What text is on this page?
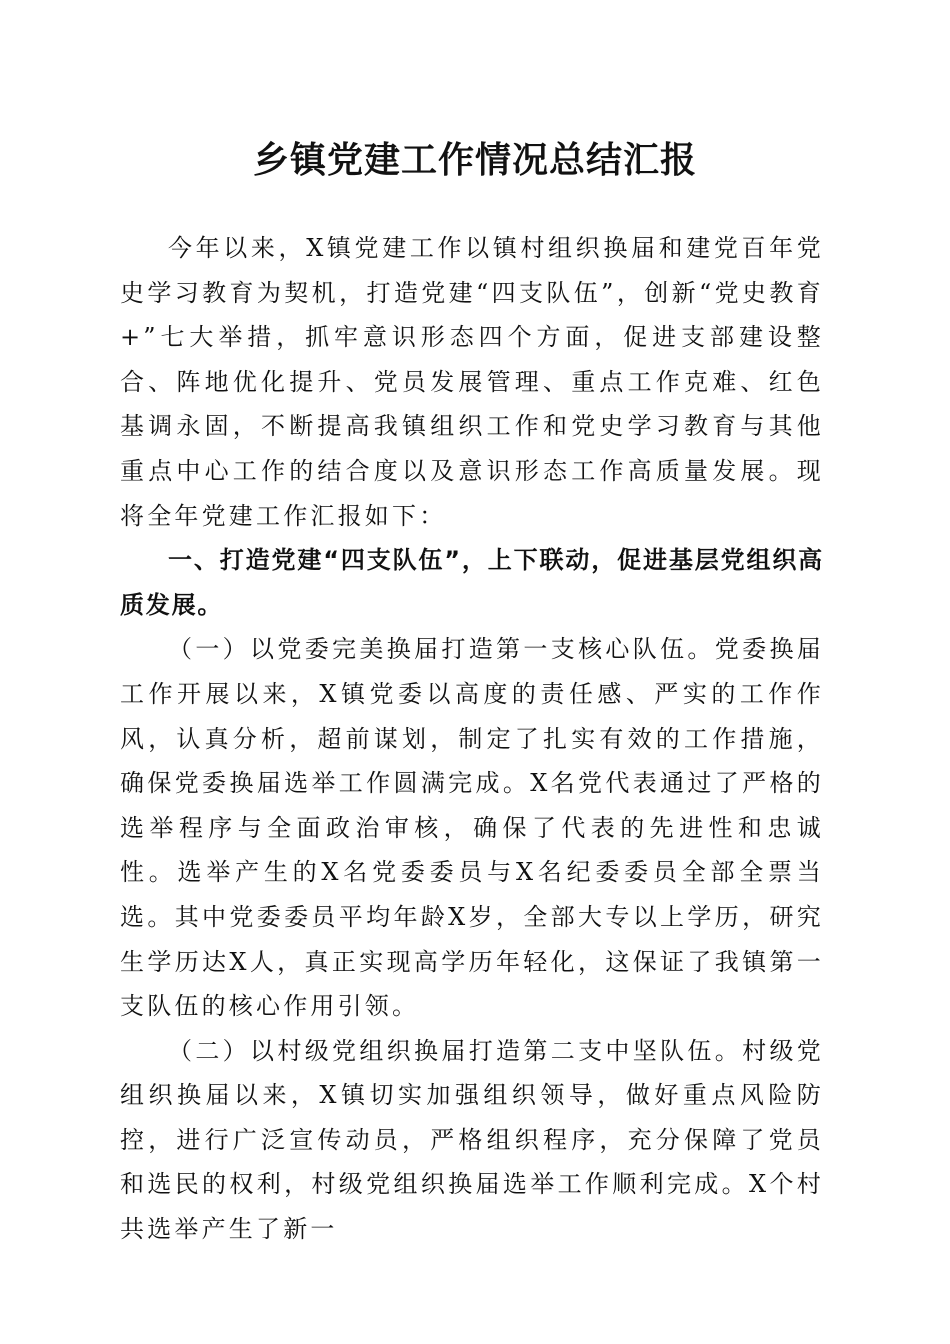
乡镇党建工作情况总结汇报

今年以来，X镇党建工作以镇村组织换届和建党百年党史学习教育为契机，打造党建“四支队伍”，创新“党史教育+”七大举措，抓牢意识形态四个方面，促进支部建设整合、阵地优化提升、党员发展管理、重点工作克难、红色基调永固，不断提高我镇组织工作和党史学习教育与其他重点中心工作的结合度以及意识形态工作高质量发展。现将全年党建工作汇报如下：

一、打造党建“四支队伍”，上下联动，促进基层党组织高质发展。

（一）以党委完美换届打造第一支核心队伍。党委换届工作开展以来，X镇党委以高度的责任感、严实的工作作风，认真分析，超前谋划，制定了扎实有效的工作措施，确保党委换届选举工作圆满完成。X名党代表通过了严格的选举程序与全面政治审核，确保了代表的先进性和忠诚性。选举产生的X名党委委员与X名纪委委员全部全票当选。其中党委委员平均年龄X岁，全部大专以上学历，研究生学历达X人，真正实现高学历年轻化，这保证了我镇第一支队伍的核心作用引领。

（二）以村级党组织换届打造第二支中坚队伍。村级党组织换届以来，X镇切实加强组织领导，做好重点风险防控，进行广泛宣传动员，严格组织程序，充分保障了党员和选民的权利，村级党组织换届选举工作顺利完成。X个村共选举产生了新一
